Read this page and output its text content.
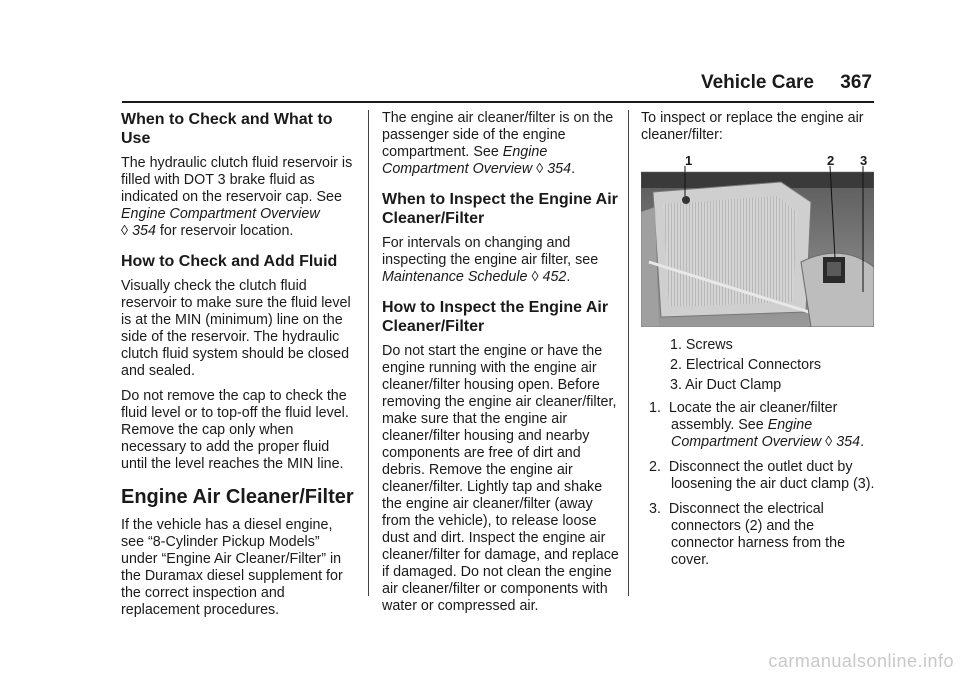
Vehicle Care 367
When to Check and What to Use

The hydraulic clutch fluid reservoir is filled with DOT 3 brake fluid as indicated on the reservoir cap. See Engine Compartment Overview
◊ 354 for reservoir location.

How to Check and Add Fluid

Visually check the clutch fluid reservoir to make sure the fluid level is at the MIN (minimum) line on the side of the reservoir. The hydraulic clutch fluid system should be closed and sealed.

Do not remove the cap to check the fluid level or to top-off the fluid level. Remove the cap only when necessary to add the proper fluid until the level reaches the MIN line.

Engine Air Cleaner/Filter

If the vehicle has a diesel engine, see “8-Cylinder Pickup Models” under “Engine Air Cleaner/Filter” in the Duramax diesel supplement for the correct inspection and replacement procedures.

The engine air cleaner/filter is on the passenger side of the engine compartment. See Engine Compartment Overview ◊ 354.

When to Inspect the Engine Air Cleaner/Filter

For intervals on changing and inspecting the engine air filter, see Maintenance Schedule ◊ 452.

How to Inspect the Engine Air Cleaner/Filter

Do not start the engine or have the engine running with the engine air cleaner/filter housing open. Before removing the engine air cleaner/filter, make sure that the engine air cleaner/filter housing and nearby components are free of dirt and debris. Remove the engine air cleaner/filter. Lightly tap and shake the engine air cleaner/filter (away from the vehicle), to release loose dust and dirt. Inspect the engine air cleaner/filter for damage, and replace if damaged. Do not clean the engine air cleaner/filter or components with water or compressed air.

To inspect or replace the engine air cleaner/filter:

1	2 3
1. Screws
2. Electrical Connectors
3. Air Duct Clamp
1. Locate the air cleaner/filter assembly. See Engine Compartment Overview ◊ 354.
2. Disconnect the outlet duct by loosening the air duct clamp (3).
3. Disconnect the electrical connectors (2) and the connector harness from the cover.
carmanualsonline.info
